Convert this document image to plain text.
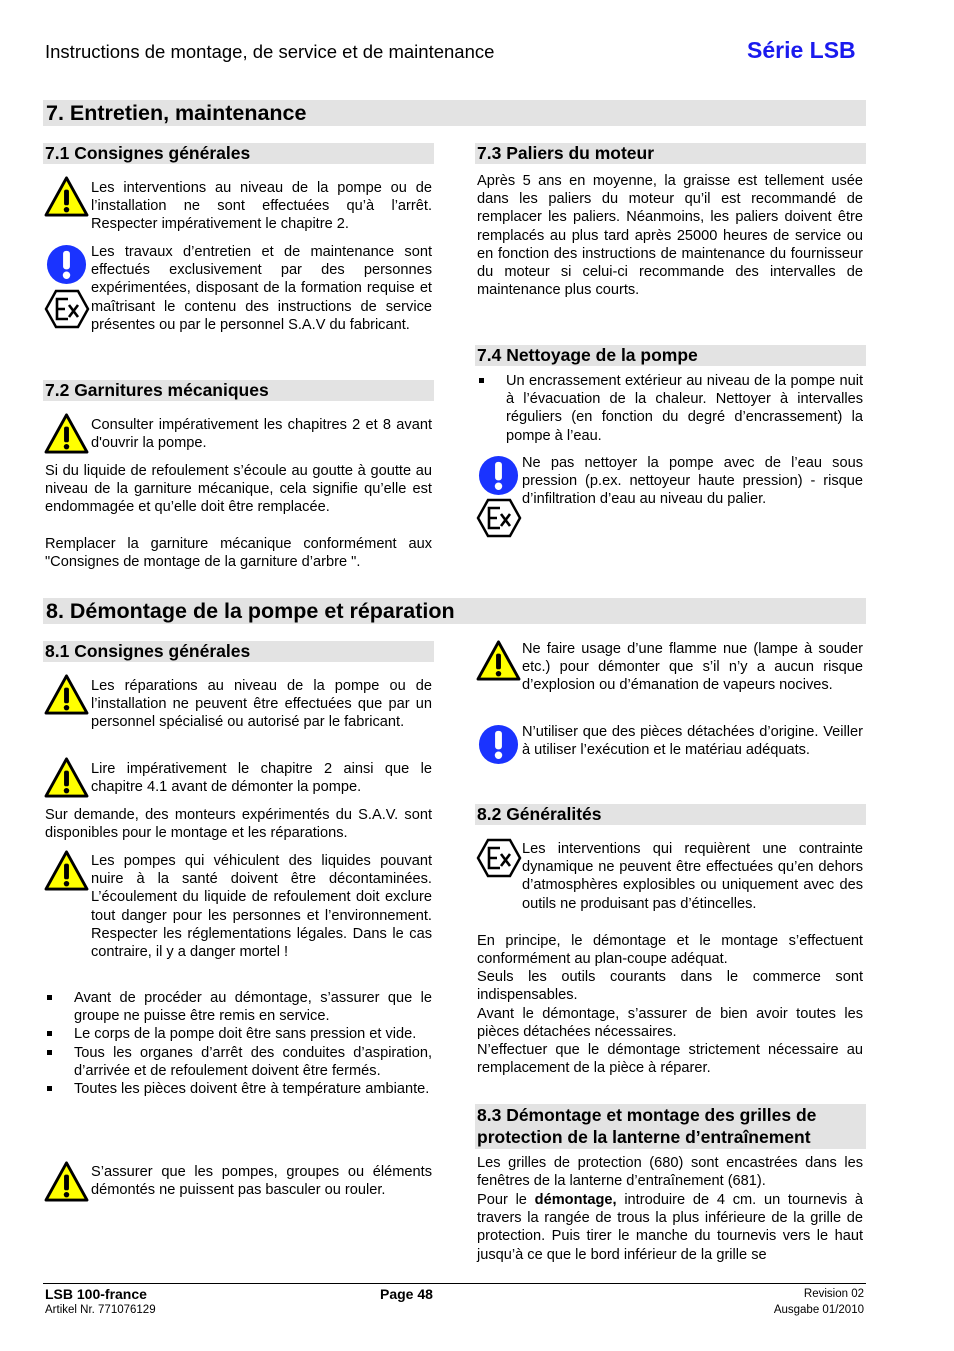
Instructions de montage, de service et de maintenance	Série LSB
7. Entretien, maintenance
7.1 Consignes générales
Les interventions au niveau de la pompe ou de l’installation ne sont effectuées qu’à l’arrêt. Respecter impérativement le chapitre 2.
Les travaux d’entretien et de maintenance sont effectués exclusivement par des personnes expérimentées, disposant de la formation requise et maîtrisant le contenu des instructions de service présentes ou par le personnel S.A.V du fabricant.
7.2 Garnitures mécaniques
Consulter impérativement les chapitres 2 et 8 avant d'ouvrir la pompe.
Si du liquide de refoulement s’écoule au goutte à goutte au niveau de la garniture mécanique, cela signifie qu’elle est endommagée et qu’elle doit être remplacée.
Remplacer la garniture mécanique conformément aux "Consignes de montage de la garniture d’arbre ".
7.3 Paliers du moteur
Après 5 ans en moyenne, la graisse est tellement usée dans les paliers du moteur qu’il est recommandé de remplacer les paliers. Néanmoins, les paliers doivent être remplacés au plus tard après 25000 heures de service ou en fonction des instructions de maintenance du fournisseur du moteur si celui-ci recommande des intervalles de maintenance plus courts.
7.4 Nettoyage de la pompe
Un encrassement extérieur au niveau de la pompe nuit à l’évacuation de la chaleur. Nettoyer à intervalles réguliers (en fonction du degré d’encrassement) la pompe à l’eau.
Ne pas nettoyer la pompe avec de l’eau sous pression (p.ex. nettoyeur haute pression) - risque d’infiltration d’eau au niveau du palier.
8. Démontage de la pompe et réparation
8.1 Consignes générales
Les réparations au niveau de la pompe ou de l’installation ne peuvent être effectuées que par un personnel spécialisé ou autorisé par le fabricant.
Lire impérativement le chapitre 2 ainsi que le chapitre 4.1 avant de démonter la pompe.
Sur demande, des monteurs expérimentés du S.A.V. sont disponibles pour le montage et les réparations.
Les pompes qui véhiculent des liquides pouvant nuire à la santé doivent être décontaminées. L’écoulement du liquide de refoulement doit exclure tout danger pour les personnes et l’environnement. Respecter les réglementations légales. Dans le cas contraire, il y a danger mortel !
Avant de procéder au démontage, s’assurer que le groupe ne puisse être remis en service.
Le corps de la pompe doit être sans pression et vide.
Tous les organes d’arrêt des conduites d’aspiration, d’arrivée et de refoulement doivent être fermés.
Toutes les pièces doivent être à température ambiante.
S’assurer que les pompes, groupes ou éléments démontés ne puissent pas basculer ou rouler.
Ne faire usage d’une flamme nue (lampe à souder etc.) pour démonter que s’il n’y a aucun risque d’explosion ou d’émanation de vapeurs nocives.
N’utiliser que des pièces détachées d’origine. Veiller à utiliser l’exécution et le matériau adéquats.
8.2 Généralités
Les interventions qui requièrent une contrainte dynamique ne peuvent être effectuées qu’en dehors d’atmosphères explosibles ou uniquement avec des outils ne produisant pas d’étincelles.
En principe, le démontage et le montage s’effectuent conformément au plan-coupe adéquat.
Seuls les outils courants dans le commerce sont indispensables.
Avant le démontage, s’assurer de bien avoir toutes les pièces détachées nécessaires.
N’effectuer que le démontage strictement nécessaire au remplacement de la pièce à réparer.
8.3 Démontage et montage des grilles de protection de la lanterne d’entraînement
Les grilles de protection (680) sont encastrées dans les fenêtres de la lanterne d’entraînement (681).
Pour le démontage, introduire de 4 cm. un tournevis à travers la rangée de trous la plus inférieure de la grille de protection. Puis tirer le manche du tournevis vers le haut jusqu’à ce que le bord inférieur de la grille se
LSB 100-france
Artikel Nr. 771076129
Page 48	Revision 02
Ausgabe 01/2010
